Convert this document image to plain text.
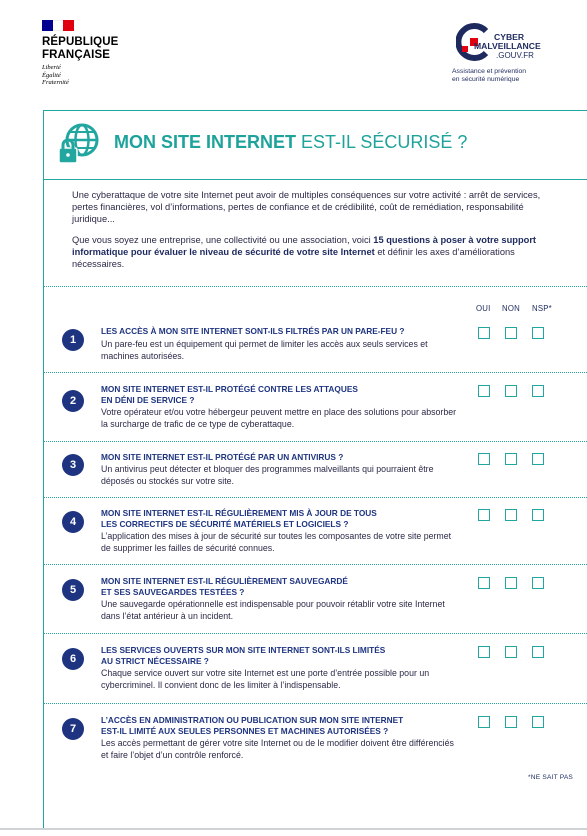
RÉPUBLIQUE
FRANÇAISE
Liberté
Égalité
Fraternité
CYBER
MALVEILLANCE
.GOUV.FR
Assistance et prévention
en sécurité numérique
MON SITE INTERNET EST-IL SÉCURISÉ ?

Une cyberattaque de votre site Internet peut avoir de multiples conséquences sur votre activité : arrêt de services, pertes financières, vol d’informations, pertes de confiance et de crédibilité, coût de remédiation, responsabilité juridique...

Que vous soyez une entreprise, une collectivité ou une association, voici 15 questions à poser à votre support informatique pour évaluer le niveau de sécurité de votre site Internet et définir les axes d’améliorations nécessaires.

OUI NON NSP*
1
LES ACCÈS À MON SITE INTERNET SONT-ILS FILTRÉS PAR UN PARE-FEU ?
Un pare-feu est un équipement qui permet de limiter les accès aux seuls services et machines autorisées.
2
MON SITE INTERNET EST-IL PROTÉGÉ CONTRE LES ATTAQUES
EN DÉNI DE SERVICE ?
Votre opérateur et/ou votre hébergeur peuvent mettre en place des solutions pour absorber la surcharge de trafic de ce type de cyberattaque.
3
MON SITE INTERNET EST-IL PROTÉGÉ PAR UN ANTIVIRUS ?
Un antivirus peut détecter et bloquer des programmes malveillants qui pourraient être déposés ou stockés sur votre site.
4
MON SITE INTERNET EST-IL RÉGULIÈREMENT MIS À JOUR DE TOUS
LES CORRECTIFS DE SÉCURITÉ MATÉRIELS ET LOGICIELS ?
L’application des mises à jour de sécurité sur toutes les composantes de votre site permet de supprimer les failles de sécurité connues.
5
MON SITE INTERNET EST-IL RÉGULIÈREMENT SAUVEGARDÉ
ET SES SAUVEGARDES TESTÉES ?
Une sauvegarde opérationnelle est indispensable pour pouvoir rétablir votre site Internet dans l’état antérieur à un incident.
6
LES SERVICES OUVERTS SUR MON SITE INTERNET SONT-ILS LIMITÉS
AU STRICT NÉCESSAIRE ?
Chaque service ouvert sur votre site Internet est une porte d’entrée possible pour un cybercriminel. Il convient donc de les limiter à l’indispensable.
7
L’ACCÈS EN ADMINISTRATION OU PUBLICATION SUR MON SITE INTERNET
EST-IL LIMITÉ AUX SEULES PERSONNES ET MACHINES AUTORISÉES ?
Les accès permettant de gérer votre site Internet ou de le modifier doivent être différenciés et faire l’objet d’un contrôle renforcé.
*NE SAIT PAS
